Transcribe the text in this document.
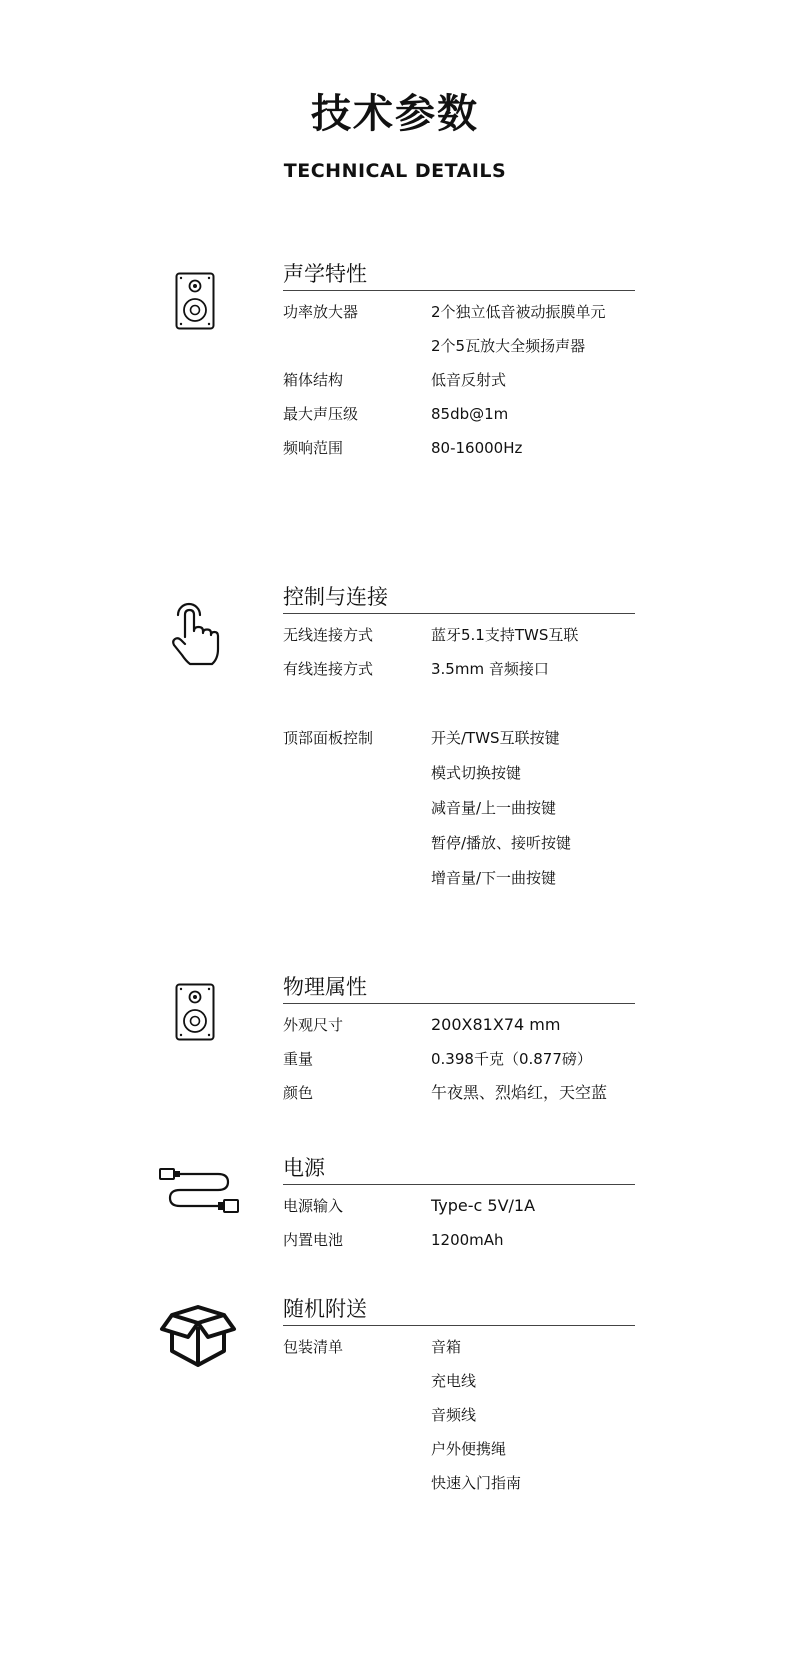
技术参数
TECHNICAL DETAILS
声学特性
功率放大器	2个独立低音被动振膜单元
2个5瓦放大全频扬声器
箱体结构	低音反射式
最大声压级	85db@1m
频响范围	80-16000Hz
控制与连接
无线连接方式	蓝牙5.1支持TWS互联
有线连接方式	3.5mm 音频接口
顶部面板控制	开关/TWS互联按键
模式切换按键
减音量/上一曲按键
暂停/播放、接听按键
增音量/下一曲按键
物理属性
外观尺寸	200X81X74 mm
重量	0.398千克（0.877磅）
颜色	午夜黑、烈焰红，天空蓝
电源
电源输入	Type-c 5V/1A
内置电池	1200mAh
随机附送
包装清单	音箱
充电线
音频线
户外便携绳
快速入门指南
